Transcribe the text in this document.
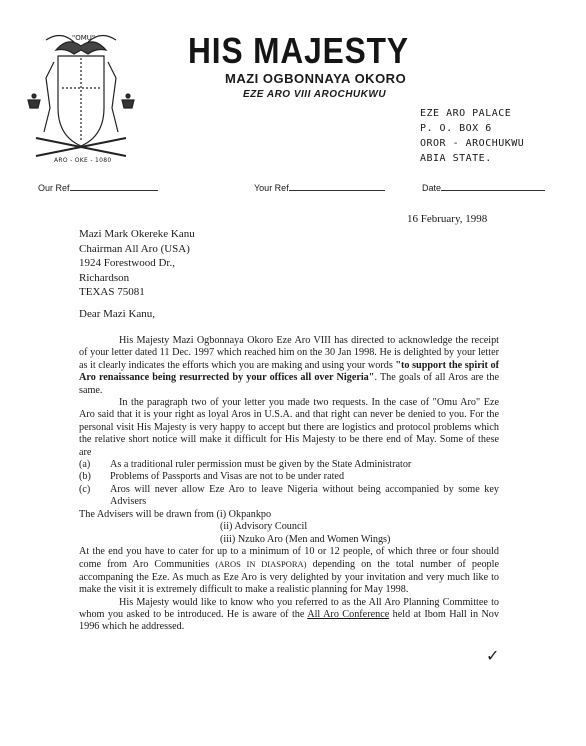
"OMU"
ARO - OKE - 1080
HIS MAJESTY
MAZI OGBONNAYA OKORO
EZE ARO VIII AROCHUKWU
EZE ARO PALACE
P. O. BOX 6
OROR - AROCHUKWU
ABIA STATE.
Our Ref	Your Ref	Date
16 February, 1998
Mazi Mark Okereke Kanu
Chairman All Aro (USA)
1924 Forestwood Dr.,
Richardson
TEXAS 75081
Dear Mazi Kanu,

His Majesty Mazi Ogbonnaya Okoro Eze Aro VIII has directed to acknowledge the receipt of your letter dated 11 Dec. 1997 which reached him on the 30 Jan 1998. He is delighted by your letter as it clearly indicates the efforts which you are making and using your words "to support the spirit of Aro renaissance being resurrected by your offices all over Nigeria". The goals of all Aros are the same.

In the paragraph two of your letter you made two requests. In the case of "Omu Aro" Eze Aro said that it is your right as loyal Aros in U.S.A. and that right can never be denied to you. For the personal visit His Majesty is very happy to accept but there are logistics and protocol problems which the relative short notice will make it difficult for His Majesty to be there end of May. Some of these are

(a)	As a traditional ruler permission must be given by the State Administrator
(b)	Problems of Passports and Visas are not to be under rated
(c)	Aros will never allow Eze Aro to leave Nigeria without being accompanied by some key Advisers
The Advisers will be drawn from (i) Okpankpo
(ii) Advisory Council
(iii) Nzuko Aro (Men and Women Wings)
At the end you have to cater for up to a minimum of 10 or 12 people, of which three or four should come from Aro Communities (AROS IN DIASPORA) depending on the total number of people accompaning the Eze. As much as Eze Aro is very delighted by your invitation and very much like to make the visit it is extremely difficult to make a realistic planning for May 1998.

His Majesty would like to know who you referred to as the All Aro Planning Committee to whom you asked to be introduced. He is aware of the All Aro Conference held at Ibom Hall in Nov 1996 which he addressed.

✓
